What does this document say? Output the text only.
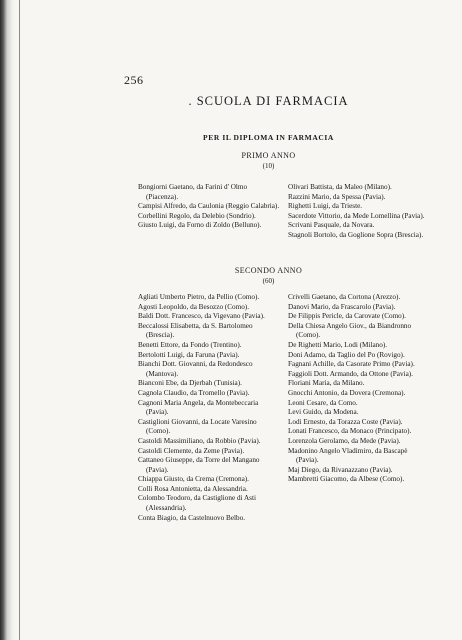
256
. SCUOLA DI FARMACIA
PER IL DIPLOMA IN FARMACIA
PRIMO ANNO
(10)

Bongiorni Gaetano, da Farini d' Olmo (Piacenza).

Campisi Alfredo, da Caulonia (Reggio Calabria).

Corbellini Regolo, da Delebio (Sondrio).

Giusto Luigi, da Forno di Zoldo (Belluno).

Olivari Battista, da Maleo (Milano).

Razzini Mario, da Spessa (Pavia).

Righetti Luigi, da Trieste.

Sacerdote Vittorio, da Mede Lomellina (Pavia).

Scrivani Pasquale, da Novara.

Stagnoli Bortolo, da Goglione Sopra (Brescia).

SECONDO ANNO
(60)

Agliati Umberto Pietro, da Pellio (Como).

Agosti Leopoldo, da Besozzo (Como).

Baldi Dott. Francesco, da Vigevano (Pavia).

Beccalossi Elisabetta, da S. Bartolomeo (Brescia).

Benetti Ettore, da Fondo (Trentino).

Bertolotti Luigi, da Faruna (Pavia).

Bianchi Dott. Giovanni, da Redondesco (Mantova).

Bianconi Ebe, da Djerbah (Tunisia).

Cagnola Claudio, da Tromello (Pavia).

Cagnoni Maria Angela, da Montebeccaria (Pavia).

Castiglioni Giovanni, da Locate Varesino (Como).

Castoldi Massimiliano, da Robbio (Pavia).

Castoldi Clemente, da Zeme (Pavia).

Cattaneo Giuseppe, da Torre del Mangano (Pavia).

Chiappa Giusto, da Crema (Cremona).

Colli Rosa Antonietta, da Alessandria.

Colombo Teodoro, da Castiglione di Asti (Alessandria).

Conta Biagio, da Castelnuovo Belbo.

Crivelli Gaetano, da Cortona (Arezzo).

Danovi Mario, da Frascarolo (Pavia).

De Filippis Pericle, da Carovate (Como).

Della Chiesa Angelo Giov., da Biandronno (Como).

De Righetti Mario, Lodi (Milano).

Doni Adamo, da Taglio del Po (Rovigo).

Fagnani Achille, da Casorate Primo (Pavia).

Faggioli Dott. Armando, da Ottone (Pavia).

Floriani Maria, da Milano.

Gnocchi Antonio, da Dovera (Cremona).

Leoni Cesare, da Como.

Levi Guido, da Modena.

Lodi Ernesto, da Torazza Coste (Pavia).

Lonati Francesco, da Monaco (Principato).

Lorenzola Gerolamo, da Mede (Pavia).

Madonino Angelo Vladimiro, da Bascapè (Pavia).

Maj Diego, da Rivanazzano (Pavia).

Mambretti Giacomo, da Albese (Como).
